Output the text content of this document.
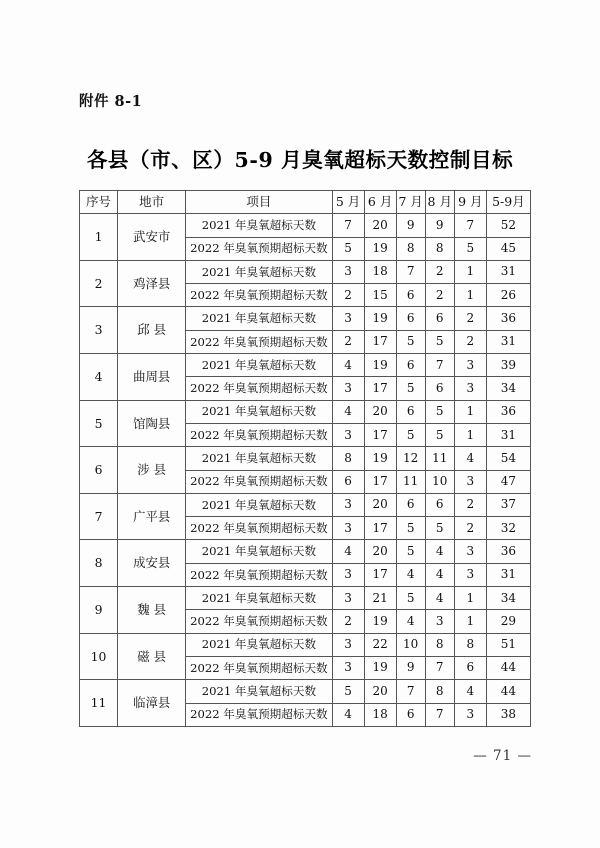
附件 8-1
各县（市、区）5-9 月臭氧超标天数控制目标
序号	地市	项目	5 月	6 月	7 月	8 月	9 月	5-9月
1	武安市	2021 年臭氧超标天数	7	20	9	9	7	52
		2022 年臭氧预期超标天数	5	19	8	8	5	45
2	鸡泽县	2021 年臭氧超标天数	3	18	7	2	1	31
		2022 年臭氧预期超标天数	2	15	6	2	1	26
3	邱县	2021 年臭氧超标天数	3	19	6	6	2	36
		2022 年臭氧预期超标天数	2	17	5	5	2	31
4	曲周县	2021 年臭氧超标天数	4	19	6	7	3	39
		2022 年臭氧预期超标天数	3	17	5	6	3	34
5	馆陶县	2021 年臭氧超标天数	4	20	6	5	1	36
		2022 年臭氧预期超标天数	3	17	5	5	1	31
6	涉县	2021 年臭氧超标天数	8	19	12	11	4	54
		2022 年臭氧预期超标天数	6	17	11	10	3	47
7	广平县	2021 年臭氧超标天数	3	20	6	6	2	37
		2022 年臭氧预期超标天数	3	17	5	5	2	32
8	成安县	2021 年臭氧超标天数	4	20	5	4	3	36
		2022 年臭氧预期超标天数	3	17	4	4	3	31
9	魏县	2021 年臭氧超标天数	3	21	5	4	1	34
		2022 年臭氧预期超标天数	2	19	4	3	1	29
10	磁县	2021 年臭氧超标天数	3	22	10	8	8	51
		2022 年臭氧预期超标天数	3	19	9	7	6	44
11	临漳县	2021 年臭氧超标天数	5	20	7	8	4	44
		2022 年臭氧预期超标天数	4	18	6	7	3	38
— 71 —
